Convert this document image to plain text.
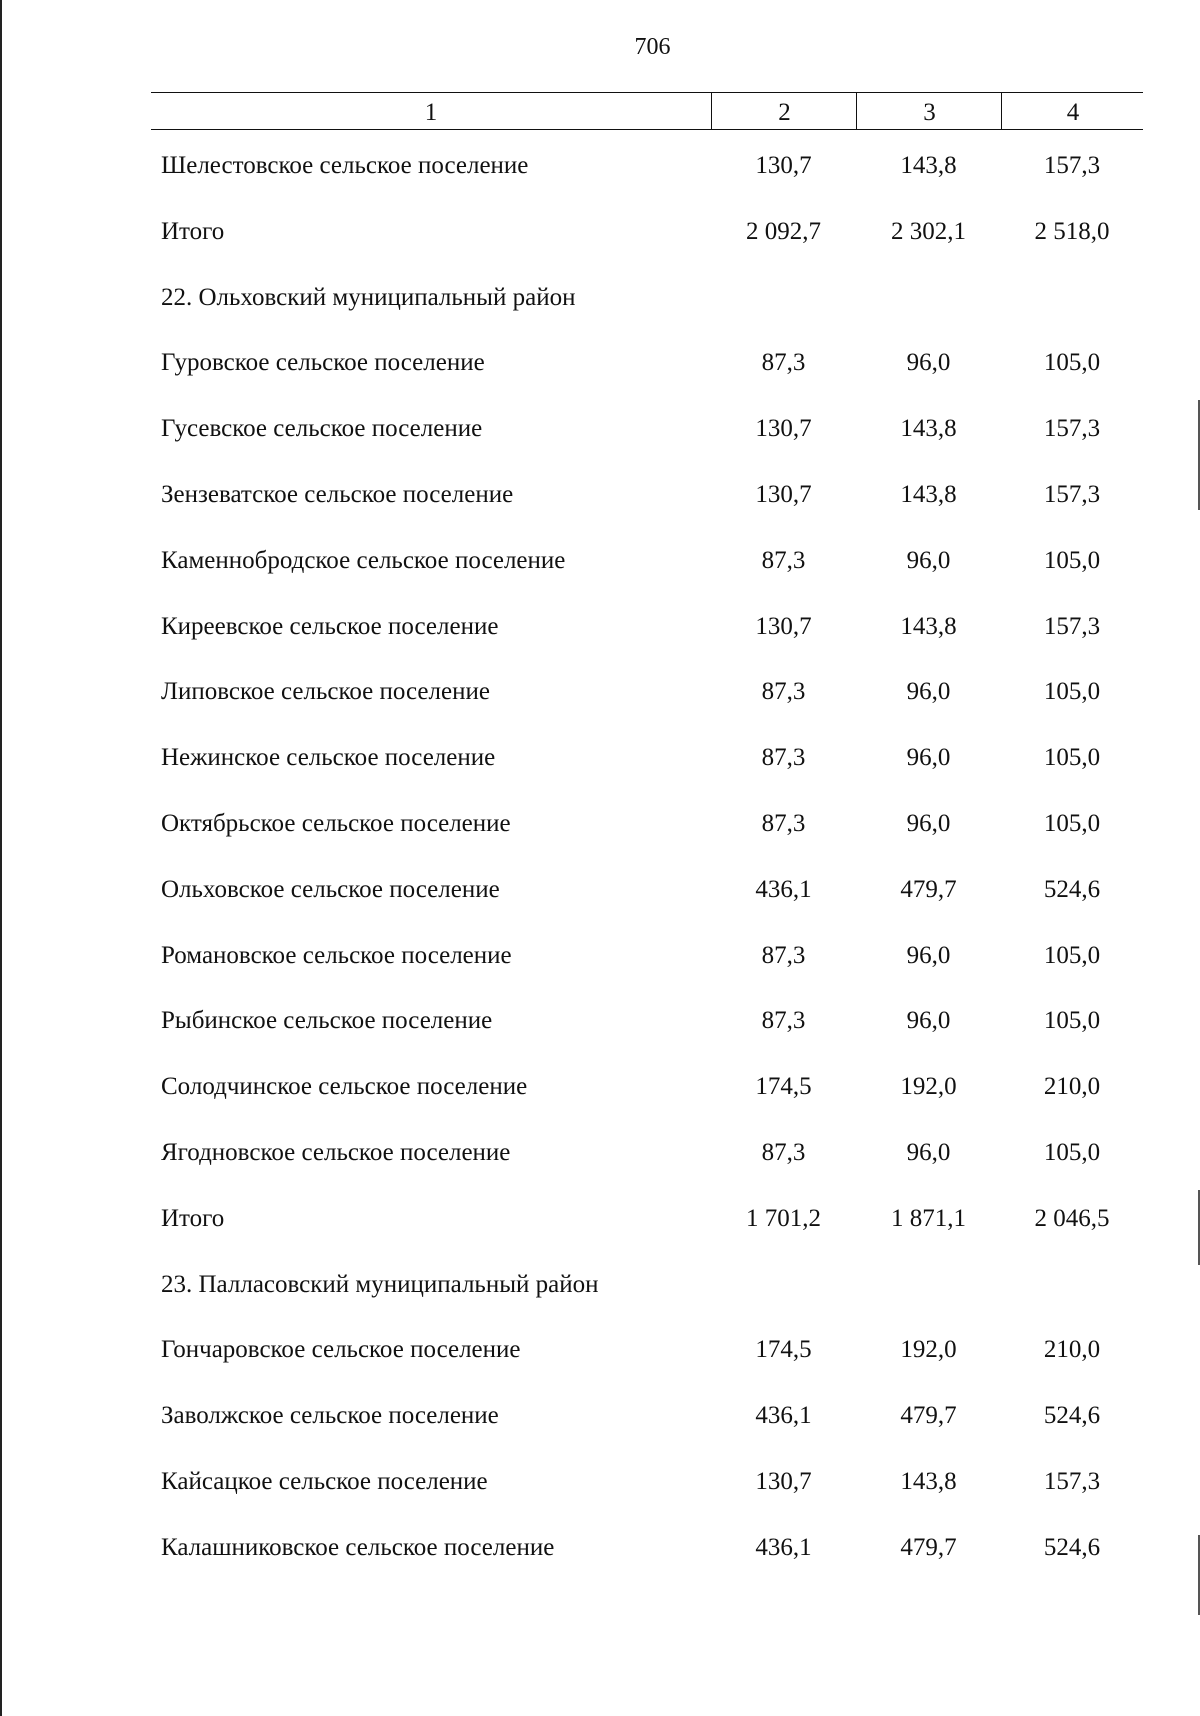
706
1	2	3	4
Шелестовское сельское поселение	130,7	143,8	157,3
Итого	2 092,7	2 302,1	2 518,0
22. Ольховский муниципальный район
Гуровское сельское поселение	87,3	96,0	105,0
Гусевское сельское поселение	130,7	143,8	157,3
Зензеватское сельское поселение	130,7	143,8	157,3
Каменнобродское сельское поселение	87,3	96,0	105,0
Киреевское сельское поселение	130,7	143,8	157,3
Липовское сельское поселение	87,3	96,0	105,0
Нежинское сельское поселение	87,3	96,0	105,0
Октябрьское сельское поселение	87,3	96,0	105,0
Ольховское сельское поселение	436,1	479,7	524,6
Романовское сельское поселение	87,3	96,0	105,0
Рыбинское сельское поселение	87,3	96,0	105,0
Солодчинское сельское поселение	174,5	192,0	210,0
Ягодновское сельское поселение	87,3	96,0	105,0
Итого	1 701,2	1 871,1	2 046,5
23. Палласовский муниципальный район
Гончаровское сельское поселение	174,5	192,0	210,0
Заволжское сельское поселение	436,1	479,7	524,6
Кайсацкое сельское поселение	130,7	143,8	157,3
Калашниковское сельское поселение	436,1	479,7	524,6
